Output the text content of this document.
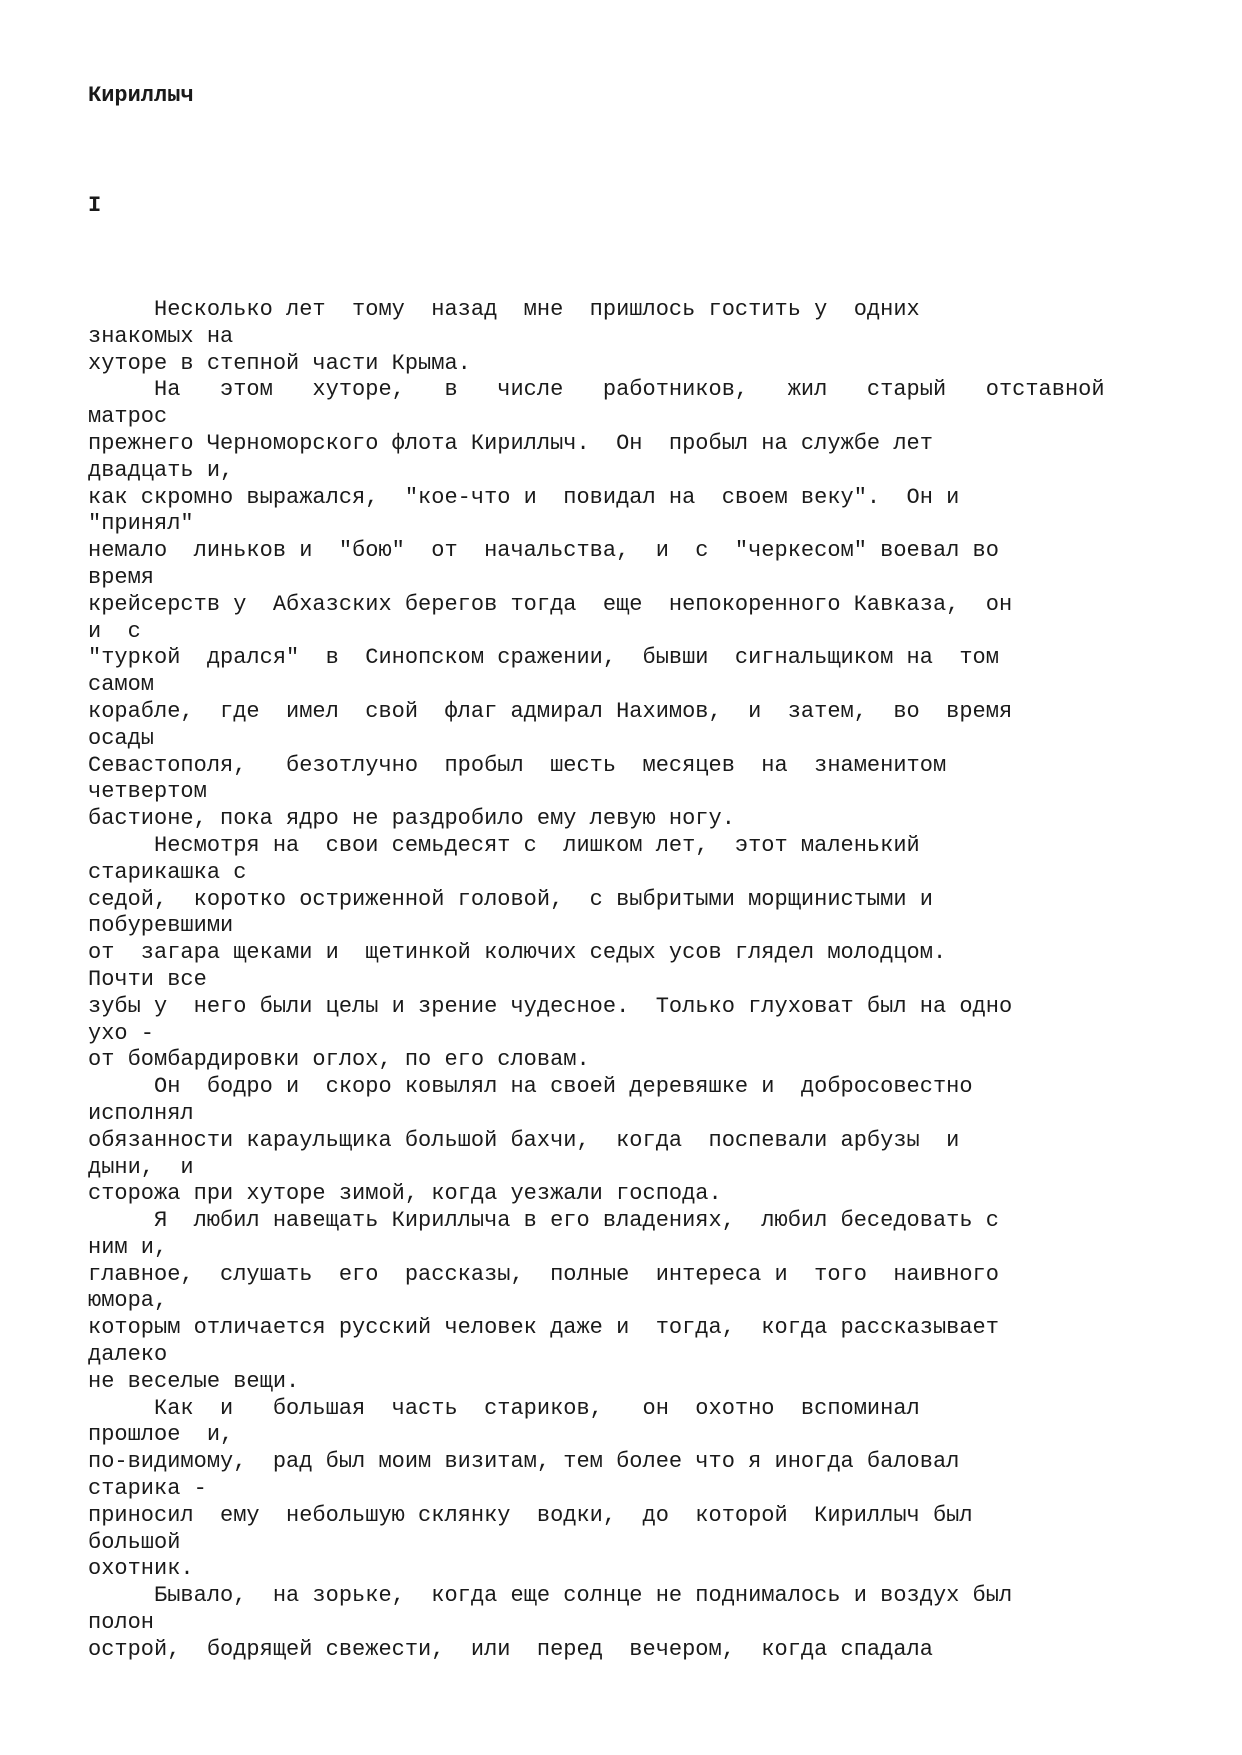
Кириллыч
I
Несколько лет  тому  назад  мне  пришлось гостить у  одних
знакомых на
хуторе в степной части Крыма.
На   этом   хуторе,   в   числе   работников,   жил   старый   отставной
матрос
прежнего Черноморского флота Кириллыч.  Он  пробыл на службе лет
двадцать и,
как скромно выражался,  "кое-что и  повидал на  своем веку".  Он и
"принял"
немало  линьков и  "бою"  от  начальства,  и  с  "черкесом" воевал во
время
крейсерств у  Абхазских берегов тогда  еще  непокоренного Кавказа,  он
и  с
"туркой  дрался"  в  Синопском сражении,  бывши  сигнальщиком на  том
самом
корабле,  где  имел  свой  флаг адмирал Нахимов,  и  затем,  во  время
осады
Севастополя,   безотлучно  пробыл  шесть  месяцев  на  знаменитом
четвертом
бастионе, пока ядро не раздробило ему левую ногу.
Несмотря на  свои семьдесят с  лишком лет,  этот маленький
старикашка с
седой,  коротко остриженной головой,  с выбритыми морщинистыми и
побуревшими
от  загара щеками и  щетинкой колючих седых усов глядел молодцом.
Почти все
зубы у  него были целы и зрение чудесное.  Только глуховат был на одно
ухо -
от бомбардировки оглох, по его словам.
Он  бодро и  скоро ковылял на своей деревяшке и  добросовестно
исполнял
обязанности караульщика большой бахчи,  когда  поспевали арбузы  и
дыни,  и
сторожа при хуторе зимой, когда уезжали господа.
Я  любил навещать Кириллыча в его владениях,  любил беседовать с
ним и,
главное,  слушать  его  рассказы,  полные  интереса и  того  наивного
юмора,
которым отличается русский человек даже и  тогда,  когда рассказывает
далеко
не веселые вещи.
Как  и   большая  часть  стариков,   он  охотно  вспоминал
прошлое  и,
по-видимому,  рад был моим визитам, тем более что я иногда баловал
старика -
приносил  ему  небольшую склянку  водки,  до  которой  Кириллыч был
большой
охотник.
Бывало,  на зорьке,  когда еще солнце не поднималось и воздух был
полон
острой,  бодрящей свежести,  или  перед  вечером,  когда спадала
